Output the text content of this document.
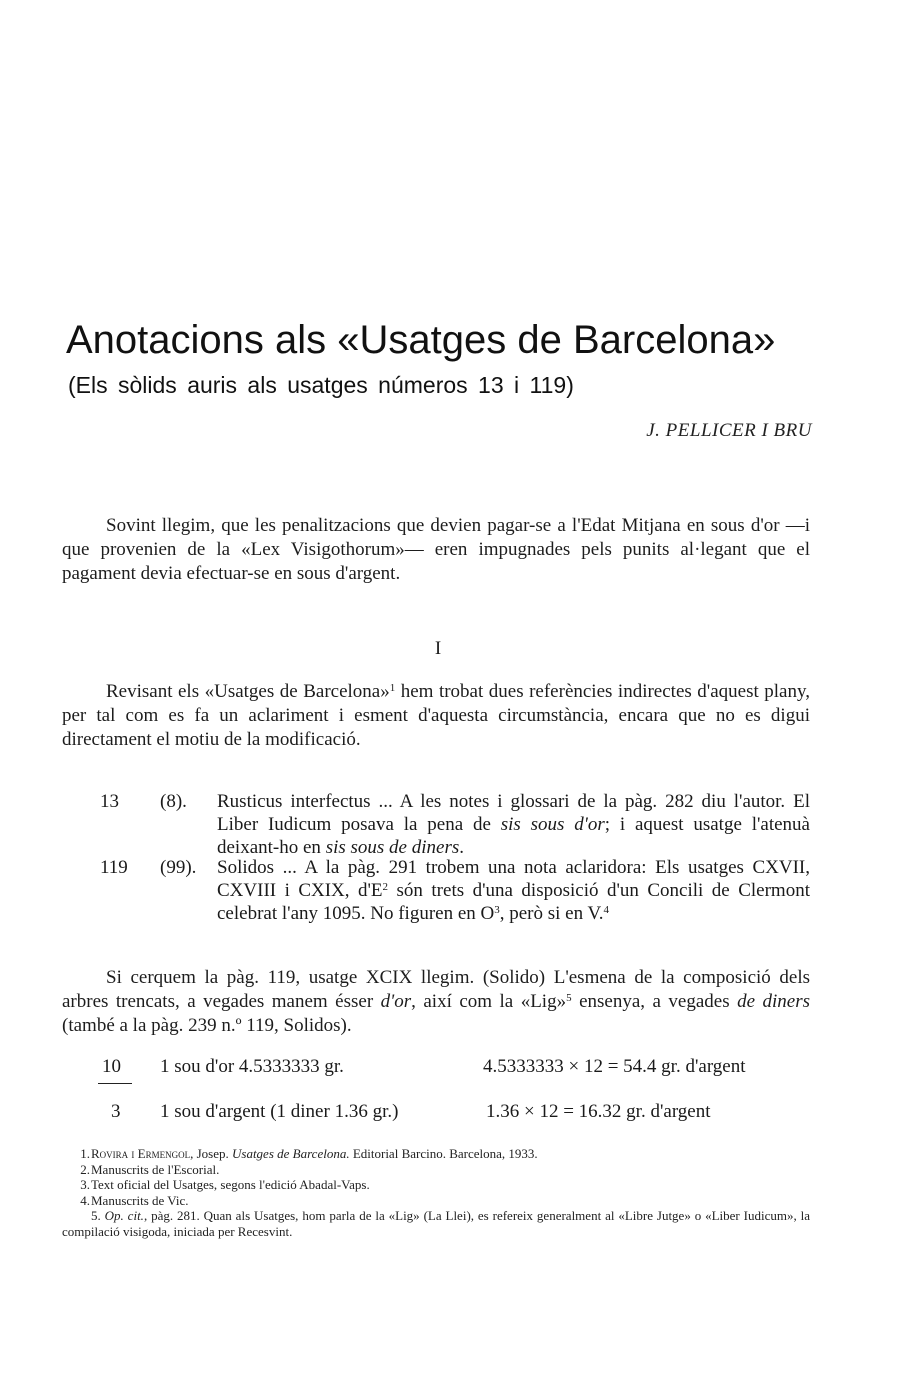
Anotacions als «Usatges de Barcelona»
(Els sòlids auris als usatges números 13 i 119)
J. PELLICER I BRU

Sovint llegim, que les penalitzacions que devien pagar-se a l'Edat Mitjana en sous d'or —i que provenien de la «Lex Visigothorum»— eren impugnades pels punits al·legant que el pagament devia efectuar-se en sous d'argent.

I

Revisant els «Usatges de Barcelona»$^1$ hem trobat dues referències indirectes d'aquest plany, per tal com es fa un aclariment i esment d'aquesta circumstància, encara que no es digui directament el motiu de la modificació.

13 (8). Rusticus interfectus ... A les notes i glossari de la pàg. 282 diu l'autor. El Liber Iudicum posava la pena de sis sous d'or; i aquest usatge l'atenuà deixant-ho en sis sous de diners.
119 (99). Solidos ... A la pàg. 291 trobem una nota aclaridora: Els usatges CXVII, CXVIII i CXIX, $d'E^2$ són trets d'una disposició d'un Concili de Clermont celebrat l'any 1095. No figuren en $O^3$, però si en V.$^4$

Si cerquem la pàg. 119, usatge XCIX llegim. (Solido) L'esmena de la composició dels arbres trencats, a vegades manem ésser d'or, així com la «Lig»$^5$ ensenya, a vegades de diners (també a la pàg. 239 n.º 119, Solidos).

10
3
1 sou d'or 4.5333333 gr.	4.5333333 × 12 = 54.4 gr. d'argent
1 sou d'argent (1 diner 1.36 gr.)	1.36 × 12 = 16.32 gr. d'argent
1. Rovira i Ermengol, Josep. Usatges de Barcelona. Editorial Barcino. Barcelona, 1933.
2. Manuscrits de l'Escorial.
3. Text oficial del Usatges, segons l'edició Abadal-Vaps.
4. Manuscrits de Vic.
5. Op. cit., pàg. 281. Quan als Usatges, hom parla de la «Lig» (La Llei), es refereix generalment al «Libre Jutge» o «Liber Iudicum», la compilació visigoda, iniciada per Recesvint.
